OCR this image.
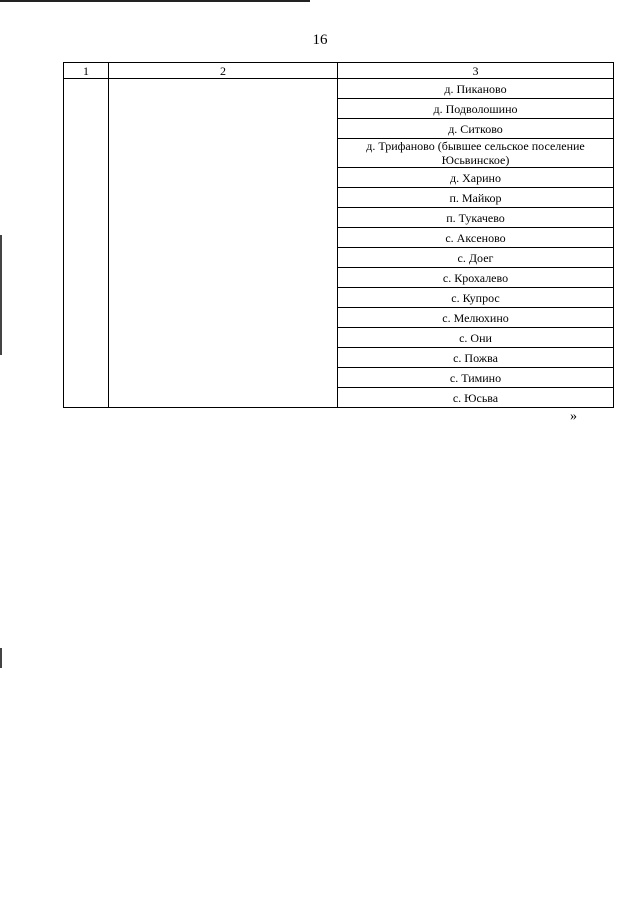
16
1	2	3
		д. Пиканово
		д. Подволошино
		д. Ситково
		д. Трифаново (бывшее сельское поселение Юсьвинское)
		д. Харино
		п. Майкор
		п. Тукачево
		с. Аксеново
		с. Доег
		с. Крохалево
		с. Купрос
		с. Мелюхино
		с. Они
		с. Пожва
		с. Тимино
		с. Юсьва
»
